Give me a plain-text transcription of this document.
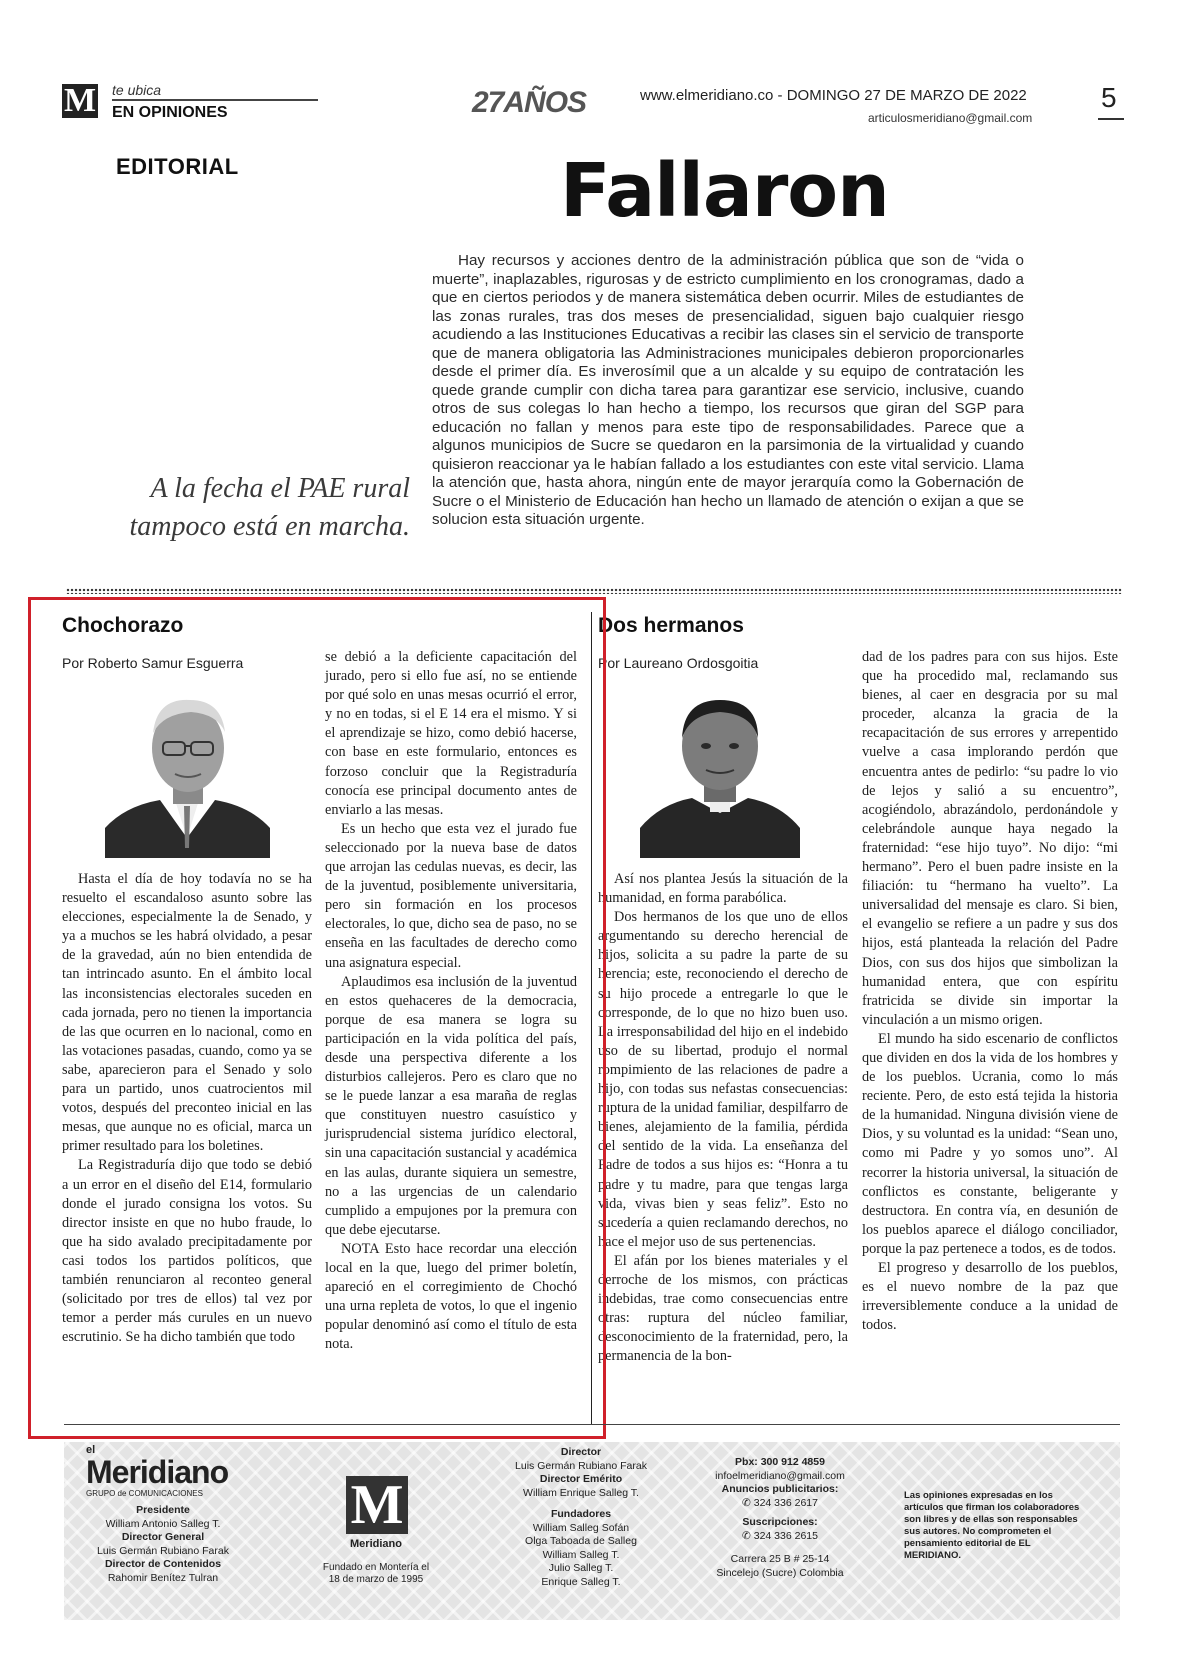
M te ubica
EN OPINIONES	27AÑOS	www.elmeridiano.co - DOMINGO 27 DE MARZO DE 2022
articulosmeridiano@gmail.com
5
EDITORIAL	Fallaron
Hay recursos y acciones dentro de la administración pública que son de “vida o muerte”, inaplazables, rigurosas y de estricto cumplimiento en los cronogramas, dado a que en ciertos periodos y de manera sistemática deben ocurrir. Miles de estudiantes de las zonas rurales, tras dos meses de presencialidad, siguen bajo cualquier riesgo acudiendo a las Instituciones Educativas a recibir las clases sin el servicio de transporte que de manera obligatoria las Administraciones municipales debieron proporcionarles desde el primer día. Es inverosímil que a un alcalde y su equipo de contratación les quede grande cumplir con dicha tarea para garantizar ese servicio, inclusive, cuando otros de sus colegas lo han hecho a tiempo, los recursos que giran del SGP para educación no fallan y menos para este tipo de responsabilidades. Parece que a algunos municipios de Sucre se quedaron en la parsimonia de la virtualidad y cuando quisieron reaccionar ya le habían fallado a los estudiantes con este vital servicio. Llama la atención que, hasta ahora, ningún ente de mayor jerarquía como la Gobernación de Sucre o el Ministerio de Educación han hecho un llamado de atención o exijan a que se solucion esta situación urgente.
A la fecha el PAE rural tampoco está en marcha.
Chochorazo
Por Roberto Samur Esguerra

Hasta el día de hoy todavía no se ha resuelto el escandaloso asunto sobre las elecciones, especialmente la de Senado, y ya a muchos se les habrá olvidado, a pesar de la gravedad, aún no bien entendida de tan intrincado asunto. En el ámbito local las inconsistencias electorales suceden en cada jornada, pero no tienen la importancia de las que ocurren en lo nacional, como en las votaciones pasadas, cuando, como ya se sabe, aparecieron para el Senado y solo para un partido, unos cuatrocientos mil votos, después del preconteo inicial en las mesas, que aunque no es oficial, marca un primer resultado para los boletines.

La Registraduría dijo que todo se debió a un error en el diseño del E14, formulario donde el jurado consigna los votos. Su director insiste en que no hubo fraude, lo que ha sido avalado precipitadamente por casi todos los partidos políticos, que también renunciaron al reconteo general (solicitado por tres de ellos) tal vez por temor a perder más curules en un nuevo escrutinio. Se ha dicho también que todo

se debió a la deficiente capacitación del jurado, pero si ello fue así, no se entiende por qué solo en unas mesas ocurrió el error, y no en todas, si el E 14 era el mismo. Y si el aprendizaje se hizo, como debió hacerse, con base en este formulario, entonces es forzoso concluir que la Registraduría conocía ese principal documento antes de enviarlo a las mesas.

Es un hecho que esta vez el jurado fue seleccionado por la nueva base de datos que arrojan las cedulas nuevas, es decir, las de la juventud, posiblemente universitaria, pero sin formación en los procesos electorales, lo que, dicho sea de paso, no se enseña en las facultades de derecho como una asignatura especial.

Aplaudimos esa inclusión de la juventud en estos quehaceres de la democracia, porque de esa manera se logra su participación en la vida política del país, desde una perspectiva diferente a los disturbios callejeros. Pero es claro que no se le puede lanzar a esa maraña de reglas que constituyen nuestro casuístico y jurisprudencial sistema jurídico electoral, sin una capacitación sustancial y académica en las aulas, durante siquiera un semestre, no a las urgencias de un calendario cumplido a empujones por la premura con que debe ejecutarse.

NOTA Esto hace recordar una elección local en la que, luego del primer boletín, apareció en el corregimiento de Chochó una urna repleta de votos, lo que el ingenio popular denominó así como el título de esta nota.

Dos hermanos
Por Laureano Ordosgoitia

Así nos plantea Jesús la situación de la humanidad, en forma parabólica.

Dos hermanos de los que uno de ellos argumentando su derecho herencial de hijos, solicita a su padre la parte de su herencia; este, reconociendo el derecho de su hijo procede a entregarle lo que le corresponde, de lo que no hizo buen uso. La irresponsabilidad del hijo en el indebido uso de su libertad, produjo el normal rompimiento de las relaciones de padre a hijo, con todas sus nefastas consecuencias: ruptura de la unidad familiar, despilfarro de bienes, alejamiento de la familia, pérdida del sentido de la vida. La enseñanza del Padre de todos a sus hijos es: “Honra a tu padre y tu madre, para que tengas larga vida, vivas bien y seas feliz”. Esto no sucedería a quien reclamando derechos, no hace el mejor uso de sus pertenencias.

El afán por los bienes materiales y el derroche de los mismos, con prácticas indebidas, trae como consecuencias entre otras: ruptura del núcleo familiar, desconocimiento de la fraternidad, pero, la permanencia de la bon-

dad de los padres para con sus hijos. Este que ha procedido mal, reclamando sus bienes, al caer en desgracia por su mal proceder, alcanza la gracia de la recapacitación de sus errores y arrepentido vuelve a casa implorando perdón que encuentra antes de pedirlo: “su padre lo vio de lejos y salió a su encuentro”, acogiéndolo, abrazándolo, perdonándole y celebrándole aunque haya negado la fraternidad: “ese hijo tuyo”. No dijo: “mi hermano”. Pero el buen padre insiste en la filiación: tu “hermano ha vuelto”. La universalidad del mensaje es claro. Si bien, el evangelio se refiere a un padre y sus dos hijos, está planteada la relación del Padre Dios, con sus dos hijos que simbolizan la humanidad entera, que con espíritu fratricida se divide sin importar la vinculación a un mismo origen.

El mundo ha sido escenario de conflictos que dividen en dos la vida de los hombres y de los pueblos. Ucrania, como lo más reciente. Pero, de esto está tejida la historia de la humanidad. Ninguna división viene de Dios, y su voluntad es la unidad: “Sean uno, como mi Padre y yo somos uno”. Al recorrer la historia universal, la situación de conflictos es constante, beligerante y destructora. En contra vía, en desunión de los pueblos aparece el diálogo conciliador, porque la paz pertenece a todos, es de todos.

El progreso y desarrollo de los pueblos, es el nuevo nombre de la paz que irreversiblemente conduce a la unidad de todos.

el
Meridiano
GRUPO de COMUNICACIONES
Presidente
William Antonio Salleg T.
Director General
Luis Germán Rubiano Farak
Director de Contenidos
Rahomir Benítez Tulran
M
Meridiano
Fundado en Montería el 18 de marzo de 1995
Director
Luis Germán Rubiano Farak
Director Emérito
William Enrique Salleg T.
Fundadores
William Salleg Sofán
Olga Taboada de Salleg
William Salleg T.
Julio Salleg T.
Enrique Salleg T.
Pbx: 300 912 4859
infoelmeridiano@gmail.com
Anuncios publicitarios:
✆ 324 336 2617
Suscripciones:
✆ 324 336 2615
Carrera 25 B # 25-14
Sincelejo (Sucre) Colombia
Las opiniones expresadas en los artículos que firman los colaboradores son libres y de ellas son responsables sus autores. No comprometen el pensamiento editorial de EL MERIDIANO.
